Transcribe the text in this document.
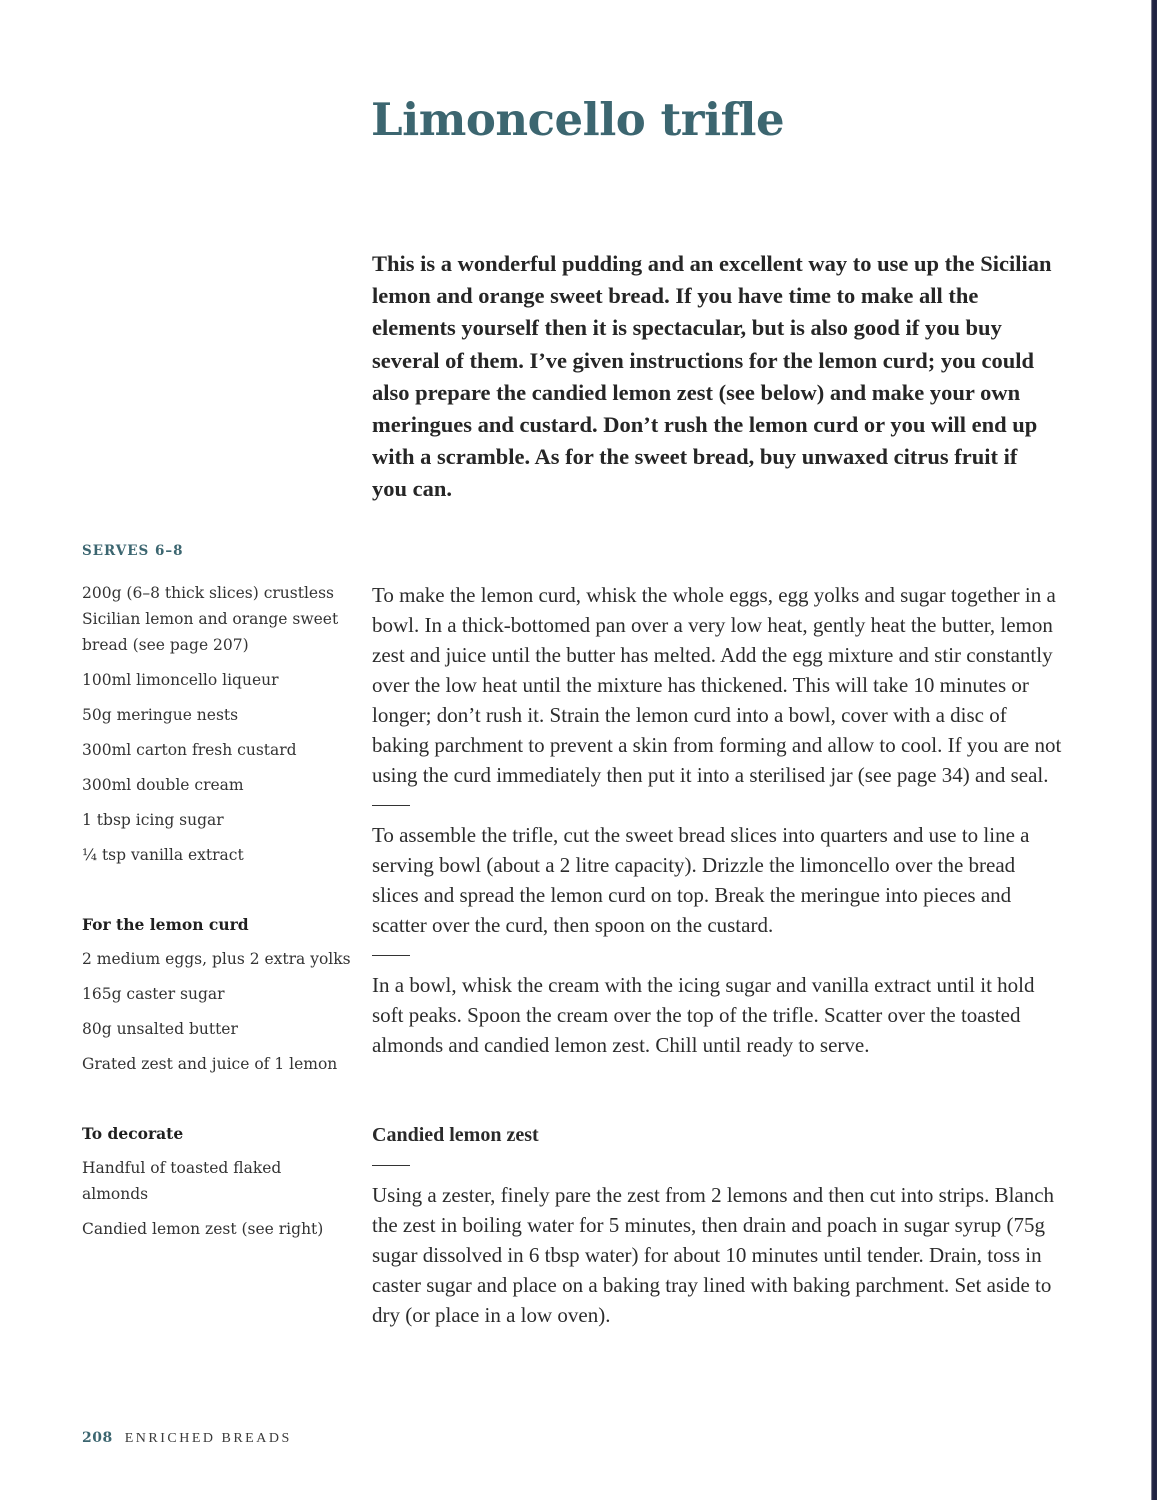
Limoncello trifle

This is a wonderful pudding and an excellent way to use up the Sicilian lemon and orange sweet bread. If you have time to make all the elements yourself then it is spectacular, but is also good if you buy several of them. I’ve given instructions for the lemon curd; you could also prepare the candied lemon zest (see below) and make your own meringues and custard. Don’t rush the lemon curd or you will end up with a scramble. As for the sweet bread, buy unwaxed citrus fruit if you can.

SERVES 6–8
200g (6–8 thick slices) crustless Sicilian lemon and orange sweet bread (see page 207)
100ml limoncello liqueur
50g meringue nests
300ml carton fresh custard
300ml double cream
1 tbsp icing sugar
¼ tsp vanilla extract
For the lemon curd
2 medium eggs, plus 2 extra yolks
165g caster sugar
80g unsalted butter
Grated zest and juice of 1 lemon
To decorate
Handful of toasted flaked almonds
Candied lemon zest (see right)

To make the lemon curd, whisk the whole eggs, egg yolks and sugar together in a bowl. In a thick-bottomed pan over a very low heat, gently heat the butter, lemon zest and juice until the butter has melted. Add the egg mixture and stir constantly over the low heat until the mixture has thickened. This will take 10 minutes or longer; don’t rush it. Strain the lemon curd into a bowl, cover with a disc of baking parchment to prevent a skin from forming and allow to cool. If you are not using the curd immediately then put it into a sterilised jar (see page 34) and seal.

To assemble the trifle, cut the sweet bread slices into quarters and use to line a serving bowl (about a 2 litre capacity). Drizzle the limoncello over the bread slices and spread the lemon curd on top. Break the meringue into pieces and scatter over the curd, then spoon on the custard.

In a bowl, whisk the cream with the icing sugar and vanilla extract until it hold soft peaks. Spoon the cream over the top of the trifle. Scatter over the toasted almonds and candied lemon zest. Chill until ready to serve.

Candied lemon zest

Using a zester, finely pare the zest from 2 lemons and then cut into strips. Blanch the zest in boiling water for 5 minutes, then drain and poach in sugar syrup (75g sugar dissolved in 6 tbsp water) for about 10 minutes until tender. Drain, toss in caster sugar and place on a baking tray lined with baking parchment. Set aside to dry (or place in a low oven).

208 ENRICHED BREADS
